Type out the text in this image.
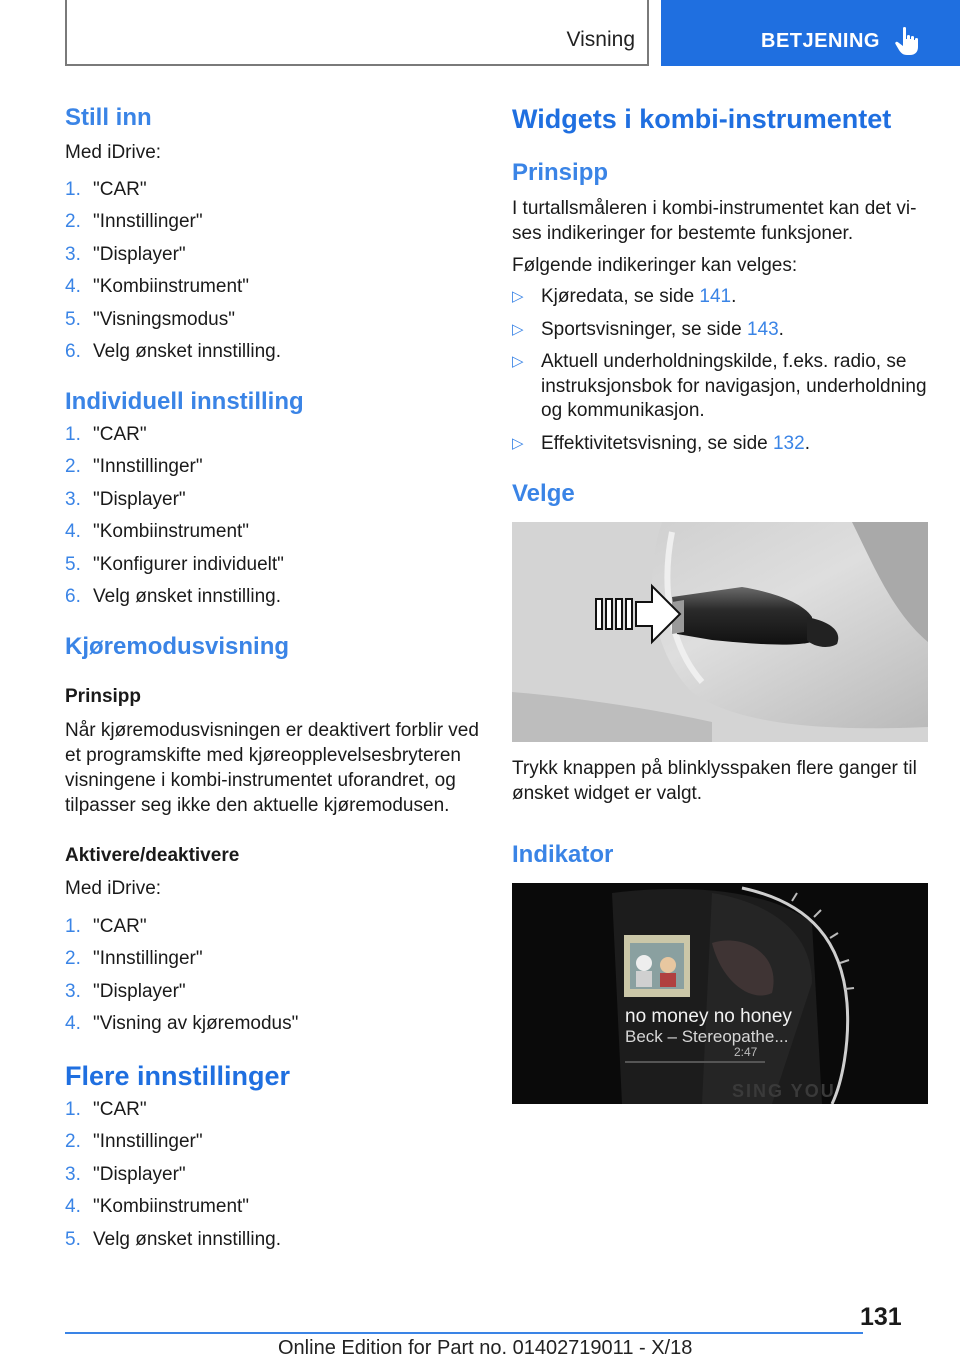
Visning	BETJENING
Still inn
Med iDrive:
1. "CAR"
2. "Innstillinger"
3. "Displayer"
4. "Kombiinstrument"
5. "Visningsmodus"
6. Velg ønsket innstilling.
Individuell innstilling
1. "CAR"
2. "Innstillinger"
3. "Displayer"
4. "Kombiinstrument"
5. "Konfigurer individuelt"
6. Velg ønsket innstilling.
Kjøremodusvisning
Prinsipp
Når kjøremodusvisningen er deaktivert forblir ved et programskifte med kjøreopplevelsesbryteren visningene i kombi-instrumentet uforandret, og tilpasser seg ikke den aktuelle kjøremodusen.
Aktivere/deaktivere
Med iDrive:
1. "CAR"
2. "Innstillinger"
3. "Displayer"
4. "Visning av kjøremodus"
Flere innstillinger
1. "CAR"
2. "Innstillinger"
3. "Displayer"
4. "Kombiinstrument"
5. Velg ønsket innstilling.
Widgets i kombi-instrumentet
Prinsipp
I turtallsmåleren i kombi-instrumentet kan det vises indikeringer for bestemte funksjoner.
Følgende indikeringer kan velges:
▷ Kjøredata, se side 141.
▷ Sportsvisninger, se side 143.
▷ Aktuell underholdningskilde, f.eks. radio, se instruksjonsbok for navigasjon, underholdning og kommunikasjon.
▷ Effektivitetsvisning, se side 132.
Velge
Trykk knappen på blinklysspaken flere ganger til ønsket widget er valgt.
Indikator
SING YOU
no money no honey
Beck – Stereopathe...
2:47
131
Online Edition for Part no. 01402719011 - X/18
